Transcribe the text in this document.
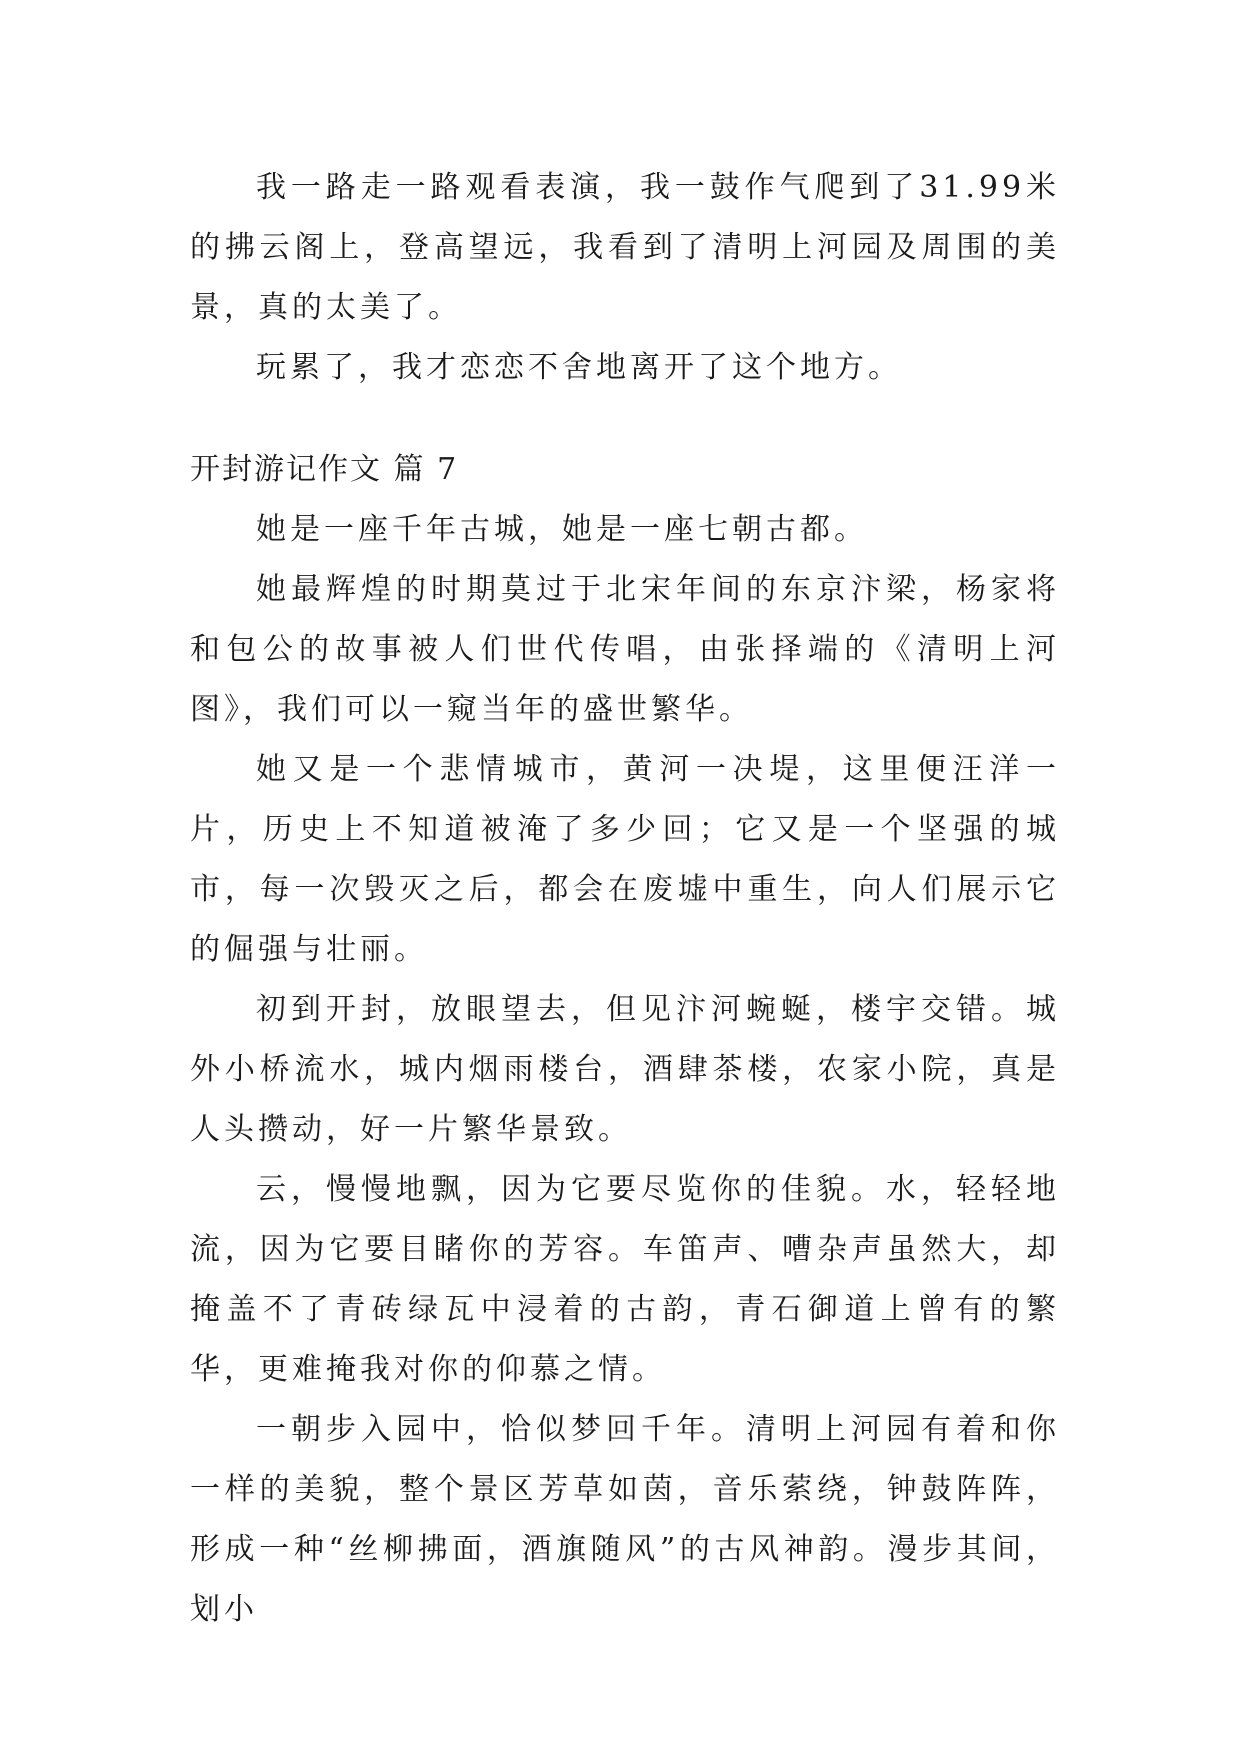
我一路走一路观看表演，我一鼓作气爬到了31.99米的拂云阁上，登高望远，我看到了清明上河园及周围的美景，真的太美了。

玩累了，我才恋恋不舍地离开了这个地方。

开封游记作文 篇 7

她是一座千年古城，她是一座七朝古都。

她最辉煌的时期莫过于北宋年间的东京汴梁，杨家将和包公的故事被人们世代传唱，由张择端的《清明上河图》，我们可以一窥当年的盛世繁华。

她又是一个悲情城市，黄河一决堤，这里便汪洋一片，历史上不知道被淹了多少回；它又是一个坚强的城市，每一次毁灭之后，都会在废墟中重生，向人们展示它的倔强与壮丽。

初到开封，放眼望去，但见汴河蜿蜒，楼宇交错。城外小桥流水，城内烟雨楼台，酒肆茶楼，农家小院，真是人头攒动，好一片繁华景致。

云，慢慢地飘，因为它要尽览你的佳貌。水，轻轻地流，因为它要目睹你的芳容。车笛声、嘈杂声虽然大，却掩盖不了青砖绿瓦中浸着的古韵，青石御道上曾有的繁华，更难掩我对你的仰慕之情。

一朝步入园中，恰似梦回千年。清明上河园有着和你一样的美貌，整个景区芳草如茵，音乐萦绕，钟鼓阵阵，形成一种“丝柳拂面，酒旗随风”的古风神韵。漫步其间，划小
